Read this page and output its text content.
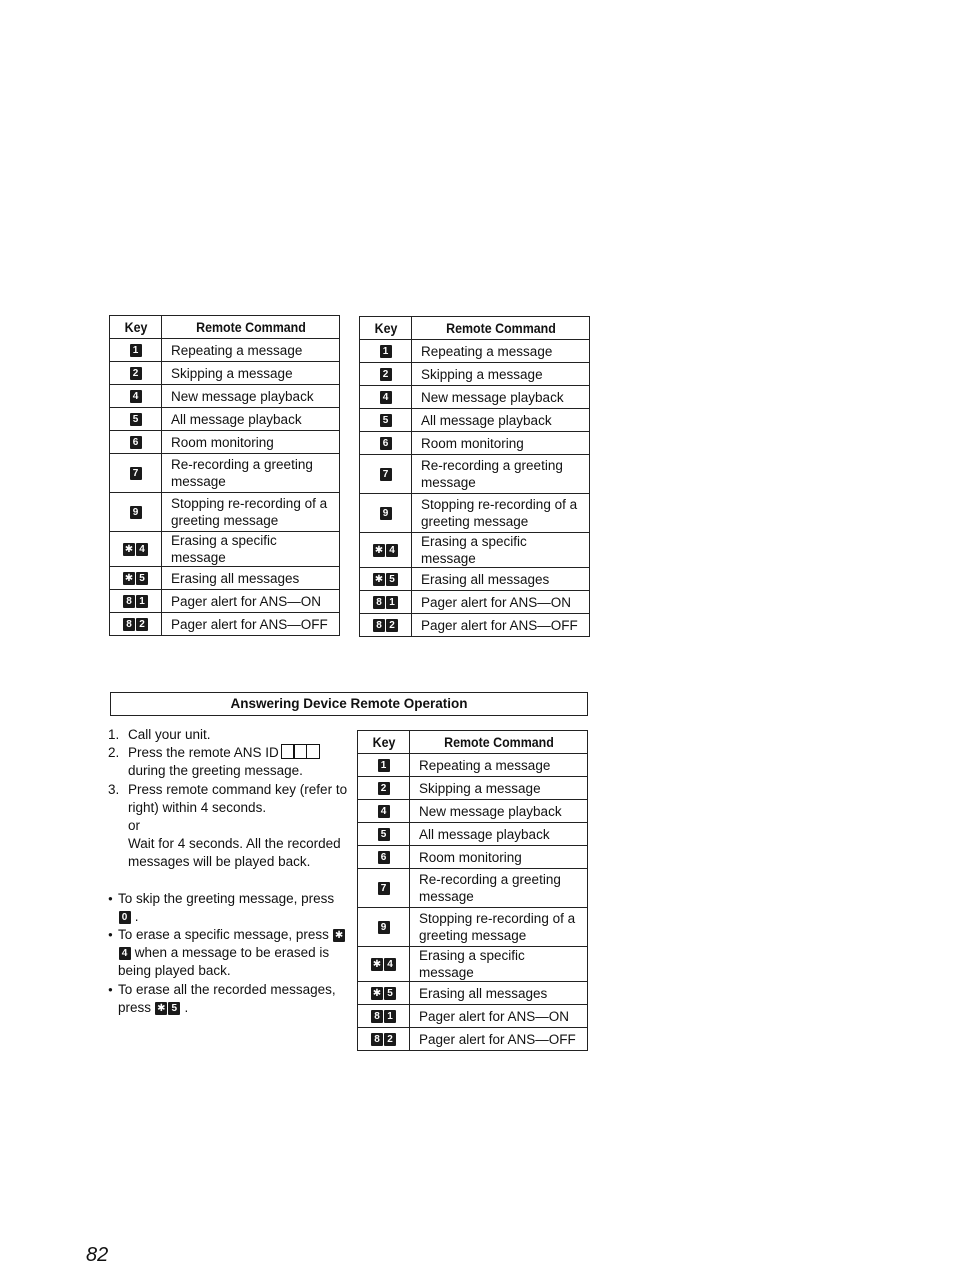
Key	Remote Command
1	Repeating a message
2	Skipping a message
4	New message playback
5	All message playback
6	Room monitoring
7	Re-recording a greeting message
9	Stopping re-recording of a greeting message
✱ 4	Erasing a specific message
✱ 5	Erasing all messages
8 1	Pager alert for ANS—ON
8 2	Pager alert for ANS—OFF
Key	Remote Command
1	Repeating a message
2	Skipping a message
4	New message playback
5	All message playback
6	Room monitoring
7	Re-recording a greeting message
9	Stopping re-recording of a greeting message
✱ 4	Erasing a specific message
✱ 5	Erasing all messages
8 1	Pager alert for ANS—ON
8 2	Pager alert for ANS—OFF
Answering Device Remote Operation
1. Call your unit.
2. Press the remote ANS ID

during the greeting message.
3. Press remote command key (refer to right) within 4 seconds.
or
Wait for 4 seconds. All the recorded messages will be played back.
● To skip the greeting message, press 0 .
● To erase a specific message, press ✱4 when a message to be erased is being played back.
● To erase all the recorded messages, press ✱ 5 .
Key	Remote Command
1	Repeating a message
2	Skipping a message
4	New message playback
5	All message playback
6	Room monitoring
7	Re-recording a greeting message
9	Stopping re-recording of a greeting message
✱ 4	Erasing a specific message
✱ 5	Erasing all messages
8 1	Pager alert for ANS—ON
8 2	Pager alert for ANS—OFF
82
